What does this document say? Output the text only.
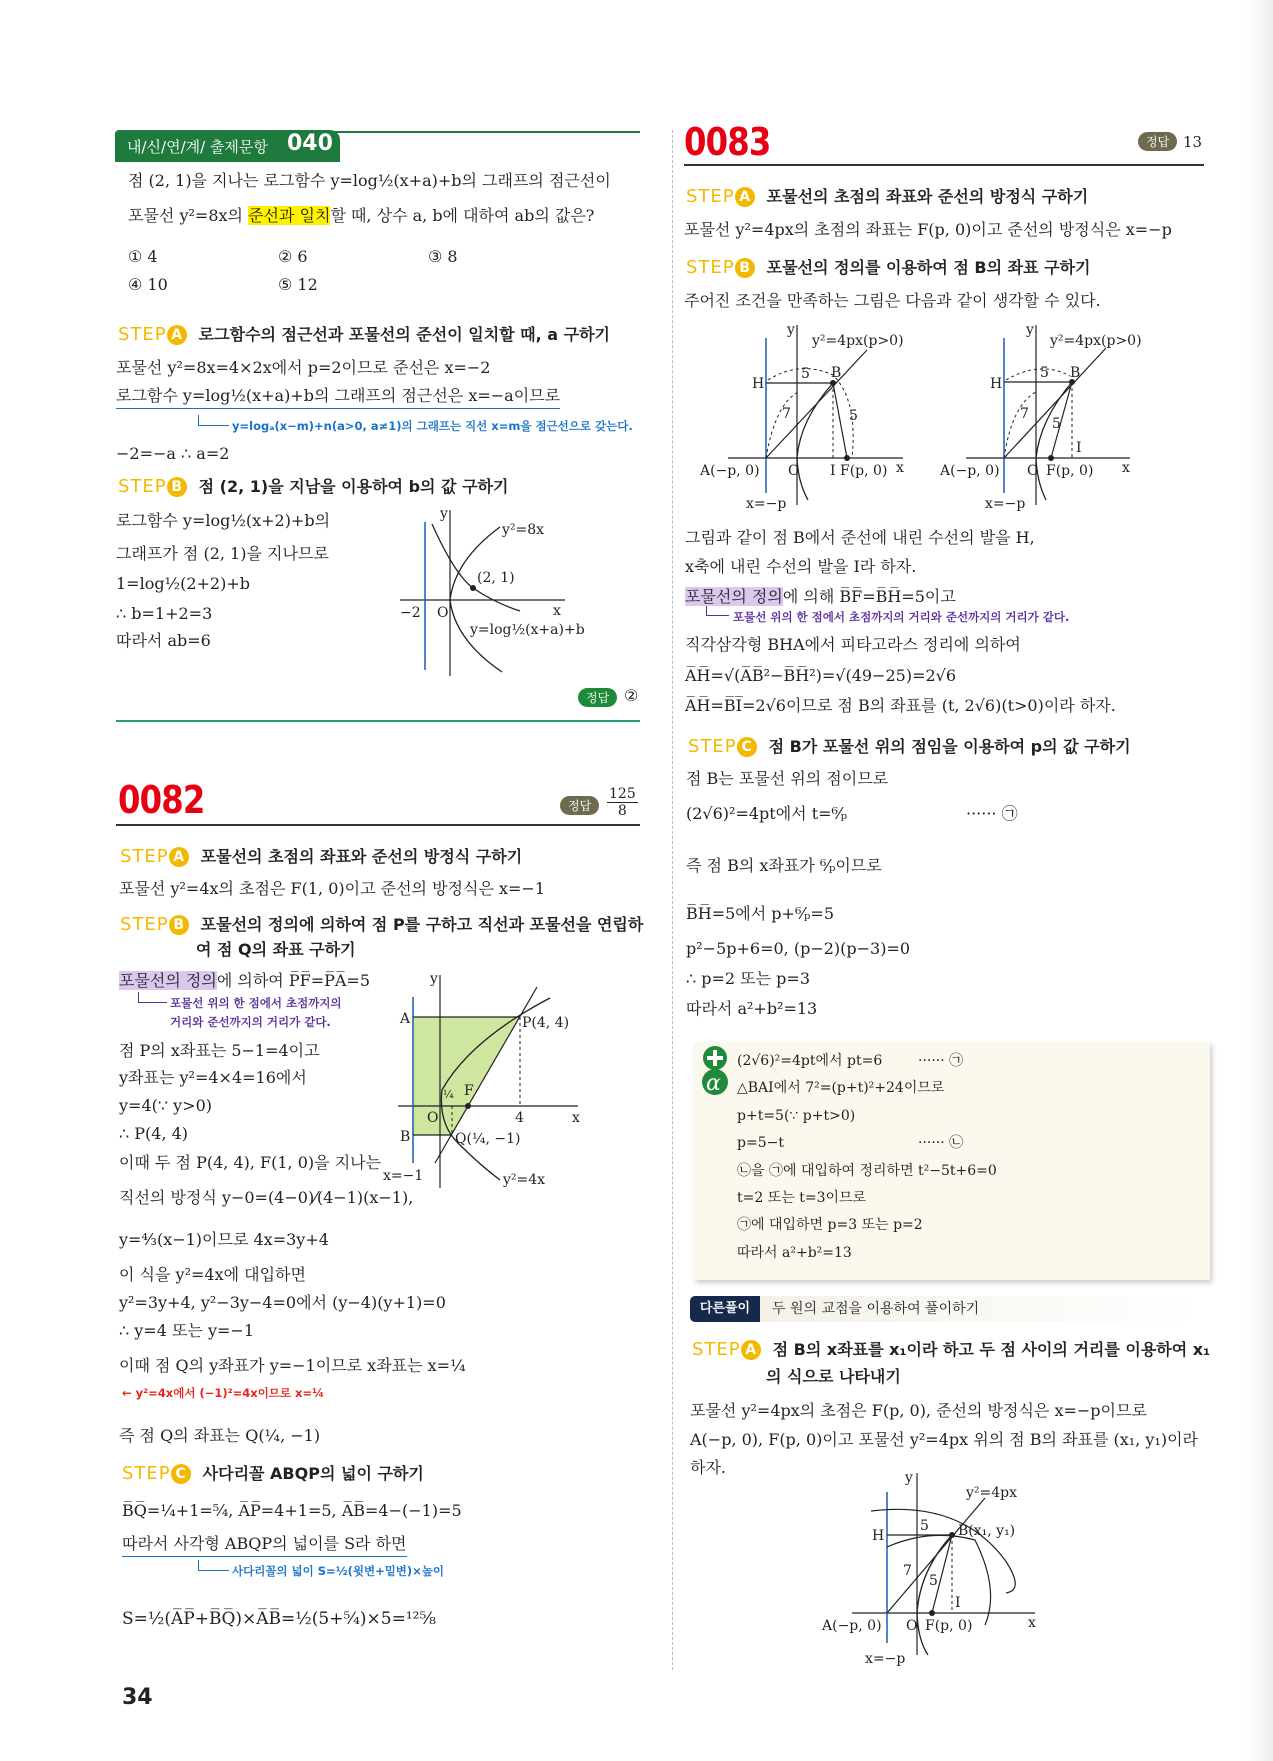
내/신/연/계/ 출제문항 040
점 (2, 1)을 지나는 로그함수 y=log½(x+a)+b의 그래프의 점근선이
포물선 y²=8x의 준선과 일치할 때, 상수 a, b에 대하여 ab의 값은?
① 4	② 6	③ 8
④ 10	⑤ 12
STEP A 로그함수의 점근선과 포물선의 준선이 일치할 때, a 구하기
포물선 y²=8x=4×2x에서 p=2이므로 준선은 x=−2
로그함수 y=log½(x+a)+b의 그래프의 점근선은 x=−a이므로
y=logₐ(x−m)+n(a>0, a≠1)의 그래프는 직선 x=m을 점근선으로 갖는다.
−2=−a ∴ a=2
STEP B 점 (2, 1)을 지남을 이용하여 b의 값 구하기
로그함수 y=log½(x+2)+b의
그래프가 점 (2, 1)을 지나므로
1=log½(2+2)+b
∴ b=1+2=3
따라서 ab=6
y
x
O
−2
y²=8x
(2, 1)
y=log½(x+a)+b
정답 ②
0082	정답	$\frac{125}{8}$
STEP A 포물선의 초점의 좌표와 준선의 방정식 구하기
포물선 y²=4x의 초점은 F(1, 0)이고 준선의 방정식은 x=−1
STEP B 포물선의 정의에 의하여 점 P를 구하고 직선과 포물선을 연립하
여 점 Q의 좌표 구하기
포물선의 정의에 의하여 P̅F̅=P̅A̅=5
포물선 위의 한 점에서 초점까지의
거리와 준선까지의 거리가 같다.
점 P의 x좌표는 5−1=4이고
y좌표는 y²=4×4=16에서
y=4(∵ y>0)
∴ P(4, 4)
이때 두 점 P(4, 4), F(1, 0)을 지나는
직선의 방정식 y−0=(4−0)⁄(4−1)(x−1),
y=⁴⁄₃(x−1)이므로 4x=3y+4
이 식을 y²=4x에 대입하면
y²=3y+4, y²−3y−4=0에서 (y−4)(y+1)=0
∴ y=4 또는 y=−1
이때 점 Q의 y좌표가 y=−1이므로 x좌표는 x=¼
← y²=4x에서 (−1)²=4x이므로 x=¼
즉 점 Q의 좌표는 Q(¼, −1)
STEP C 사다리꼴 ABQP의 넓이 구하기
B̅Q̅=¼+1=⁵⁄₄, A̅P̅=4+1=5, A̅B̅=4−(−1)=5
따라서 사각형 ABQP의 넓이를 S라 하면
사다리꼴의 넓이 S=½(윗변+밑변)×높이
S=½(A̅P̅+B̅Q̅)×A̅B̅=½(5+⁵⁄₄)×5=¹²⁵⁄₈
y
x
O
A
B
P(4, 4)
F
Q(¼, −1)
4
¼
x=−1	y²=4x
34
0083	정답 13
STEP A 포물선의 초점의 좌표와 준선의 방정식 구하기
포물선 y²=4px의 초점의 좌표는 F(p, 0)이고 준선의 방정식은 x=−p
STEP B 포물선의 정의를 이용하여 점 B의 좌표 구하기
주어진 조건을 만족하는 그림은 다음과 같이 생각할 수 있다.
y
y²=4px(p>0)
5 B
H
7	5
A(−p, 0) O I F(p, 0) x
x=−p
y
y²=4px(p>0)
5 B
H
7
5
I
A(−p, 0) O F(p, 0) x
x=−p
그림과 같이 점 B에서 준선에 내린 수선의 발을 H,
x축에 내린 수선의 발을 I라 하자.
포물선의 정의에 의해 B̅F̅=B̅H̅=5이고
포물선 위의 한 점에서 초점까지의 거리와 준선까지의 거리가 같다.
직각삼각형 BHA에서 피타고라스 정리에 의하여
A̅H̅=√(A̅B̅²−B̅H̅²)=√(49−25)=2√6
A̅H̅=B̅I̅=2√6이므로 점 B의 좌표를 (t, 2√6)(t>0)이라 하자.
STEP C 점 B가 포물선 위의 점임을 이용하여 p의 값 구하기
점 B는 포물선 위의 점이므로
(2√6)²=4pt에서 t=⁶⁄ₚ	······ ㉠
즉 점 B의 x좌표가 ⁶⁄ₚ이므로
B̅H̅=5에서 p+⁶⁄ₚ=5
p²−5p+6=0, (p−2)(p−3)=0
∴ p=2 또는 p=3
따라서 a²+b²=13
α
(2√6)²=4pt에서 pt=6	······ ㉠
△BAI에서 7²=(p+t)²+24이므로
p+t=5(∵ p+t>0)
p=5−t	······ ㉡
㉡을 ㉠에 대입하여 정리하면 t²−5t+6=0
t=2 또는 t=3이므로
㉠에 대입하면 p=3 또는 p=2
따라서 a²+b²=13
다른풀이	두 원의 교점을 이용하여 풀이하기
STEP A 점 B의 x좌표를 x₁이라 하고 두 점 사이의 거리를 이용하여 x₁
의 식으로 나타내기
포물선 y²=4px의 초점은 F(p, 0), 준선의 방정식은 x=−p이므로
A(−p, 0), F(p, 0)이고 포물선 y²=4px 위의 점 B의 좌표를 (x₁, y₁)이라
하자.
y
y²=4px
5 B(x₁, y₁)
H
7
5
I
A(−p, 0) O F(p, 0)	x
x=−p
